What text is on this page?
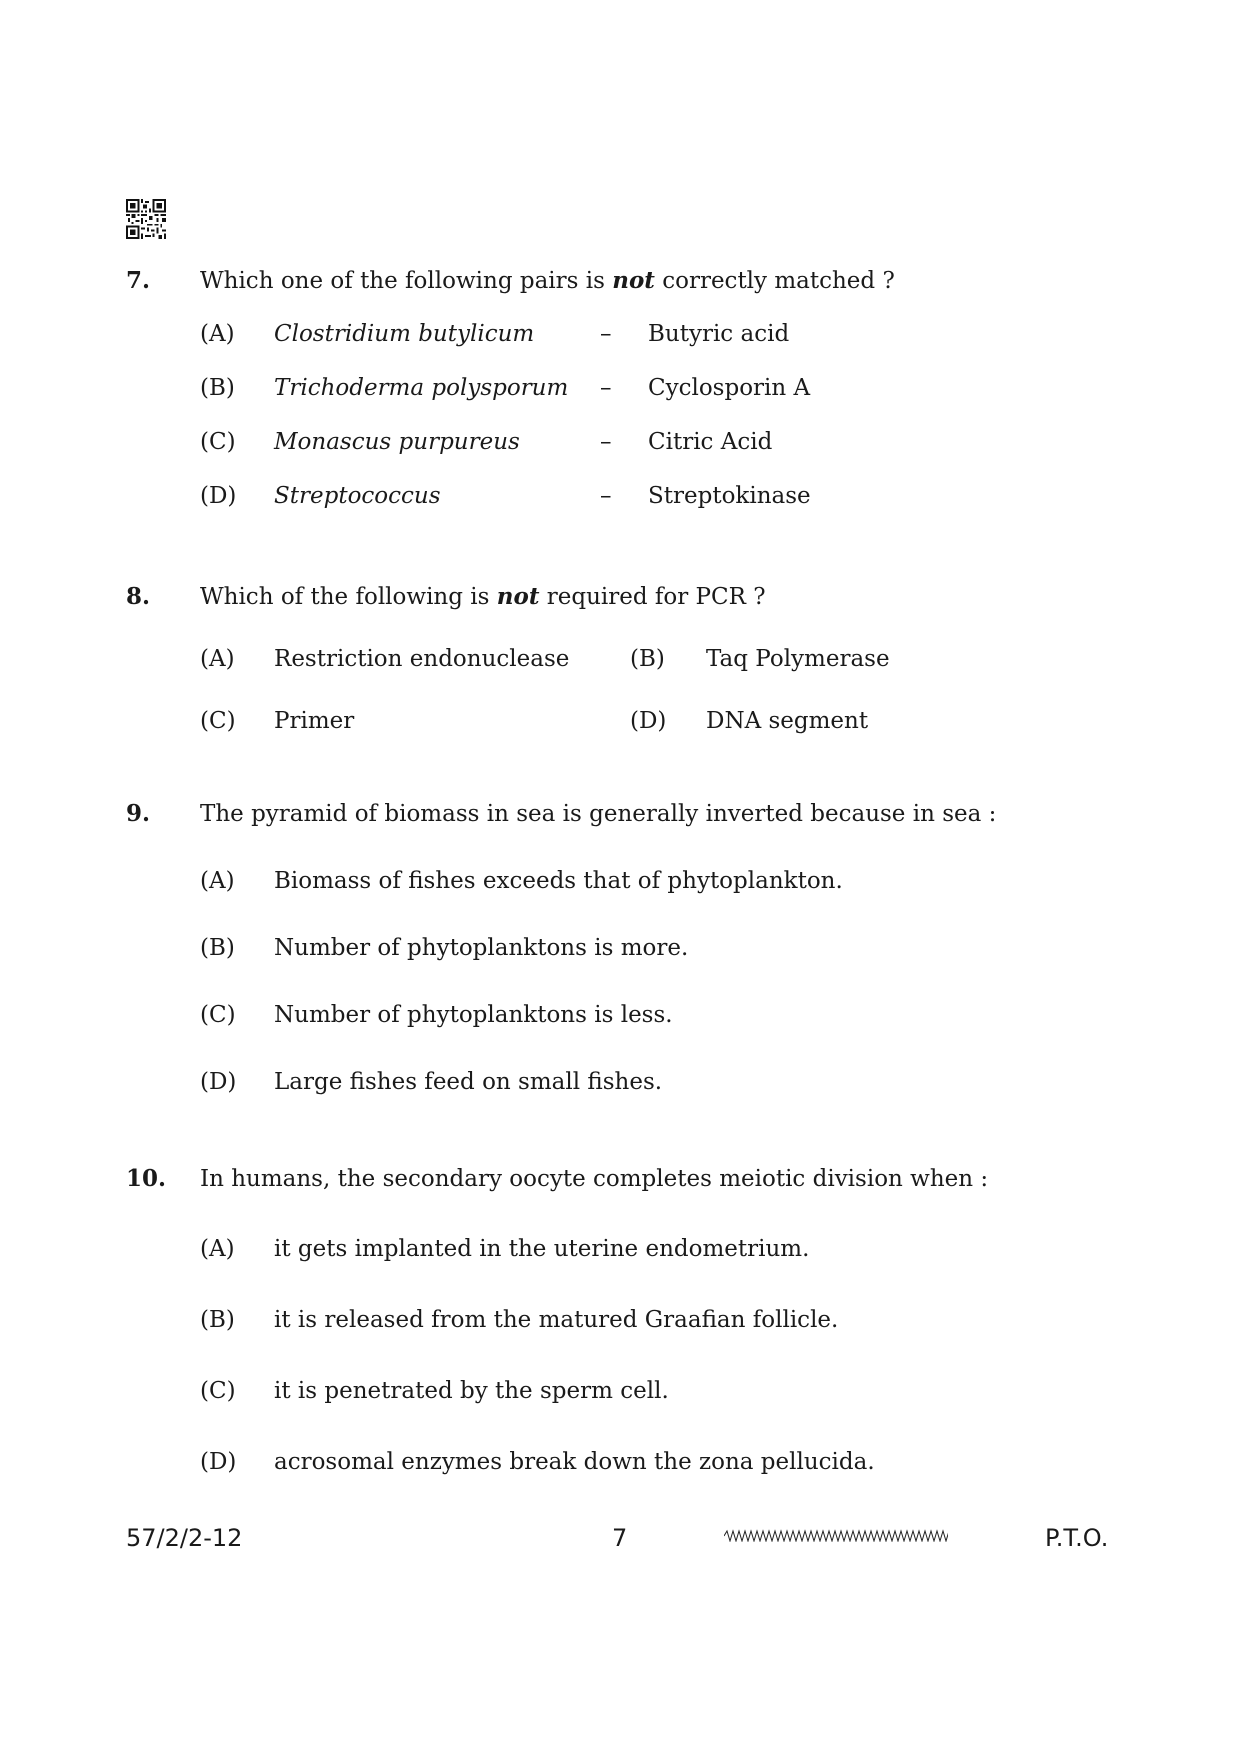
7.	Which one of the following pairs is not correctly matched ?
(A) Clostridium butylicum	– Butyric acid
(B) Trichoderma polysporum – Cyclosporin A
(C) Monascus purpureus	– Citric Acid
(D) Streptococcus	– Streptokinase
8.	Which of the following is not required for PCR ?
(A) Restriction endonuclease	(B) Taq Polymerase
(C) Primer	(D) DNA segment
9.	The pyramid of biomass in sea is generally inverted because in sea :
(A) Biomass of fishes exceeds that of phytoplankton.
(B) Number of phytoplanktons is more.
(C) Number of phytoplanktons is less.
(D) Large fishes feed on small fishes.
10.	In humans, the secondary oocyte completes meiotic division when :
(A) it gets implanted in the uterine endometrium.
(B) it is released from the matured Graafian follicle.
(C) it is penetrated by the sperm cell.
(D) acrosomal enzymes break down the zona pellucida.
57/2/2-12	7	P.T.O.
